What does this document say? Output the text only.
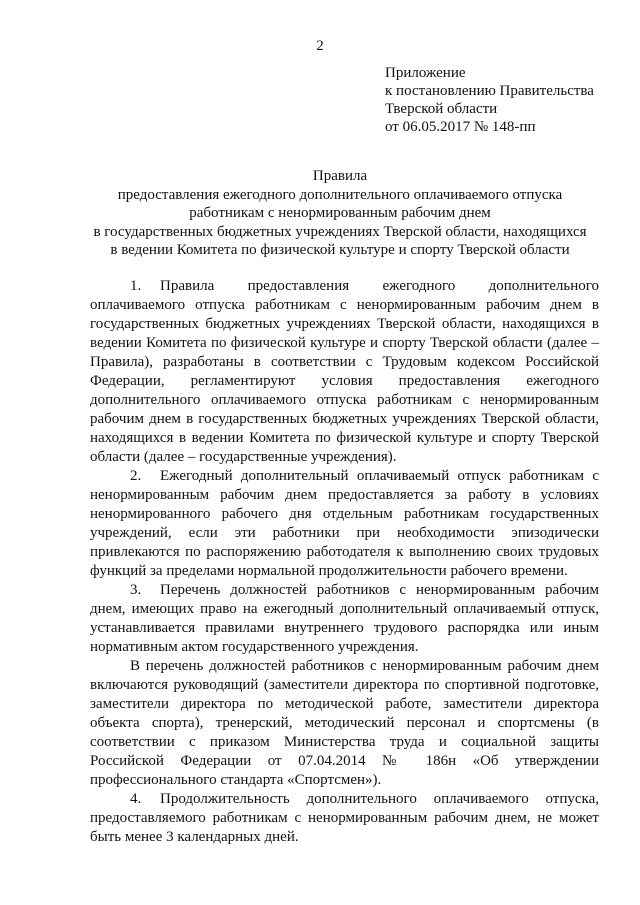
2
Приложение
к постановлению Правительства
Тверской области
от 06.05.2017 № 148-пп
Правила
предоставления ежегодного дополнительного оплачиваемого отпуска
работникам с ненормированным рабочим днем
в государственных бюджетных учреждениях Тверской области, находящихся
в ведении Комитета по физической культуре и спорту Тверской области

1. Правила предоставления ежегодного дополнительного оплачиваемого отпуска работникам с ненормированным рабочим днем в государственных бюджетных учреждениях Тверской области, находящихся в ведении Комитета по физической культуре и спорту Тверской области (далее – Правила), разработаны в соответствии с Трудовым кодексом Российской Федерации, регламентируют условия предоставления ежегодного дополнительного оплачиваемого отпуска работникам с ненормированным рабочим днем в государственных бюджетных учреждениях Тверской области, находящихся в ведении Комитета по физической культуре и спорту Тверской области (далее – государственные учреждения).

2. Ежегодный дополнительный оплачиваемый отпуск работникам с ненормированным рабочим днем предоставляется за работу в условиях ненормированного рабочего дня отдельным работникам государственных учреждений, если эти работники при необходимости эпизодически привлекаются по распоряжению работодателя к выполнению своих трудовых функций за пределами нормальной продолжительности рабочего времени.

3. Перечень должностей работников с ненормированным рабочим днем, имеющих право на ежегодный дополнительный оплачиваемый отпуск, устанавливается правилами внутреннего трудового распорядка или иным нормативным актом государственного учреждения.

В перечень должностей работников с ненормированным рабочим днем включаются руководящий (заместители директора по спортивной подготовке, заместители директора по методической работе, заместители директора объекта спорта), тренерский, методический персонал и спортсмены (в соответствии с приказом Министерства труда и социальной защиты Российской Федерации от 07.04.2014 № 186н «Об утверждении профессионального стандарта «Спортсмен»).

4. Продолжительность дополнительного оплачиваемого отпуска, предоставляемого работникам с ненормированным рабочим днем, не может быть менее 3 календарных дней.
